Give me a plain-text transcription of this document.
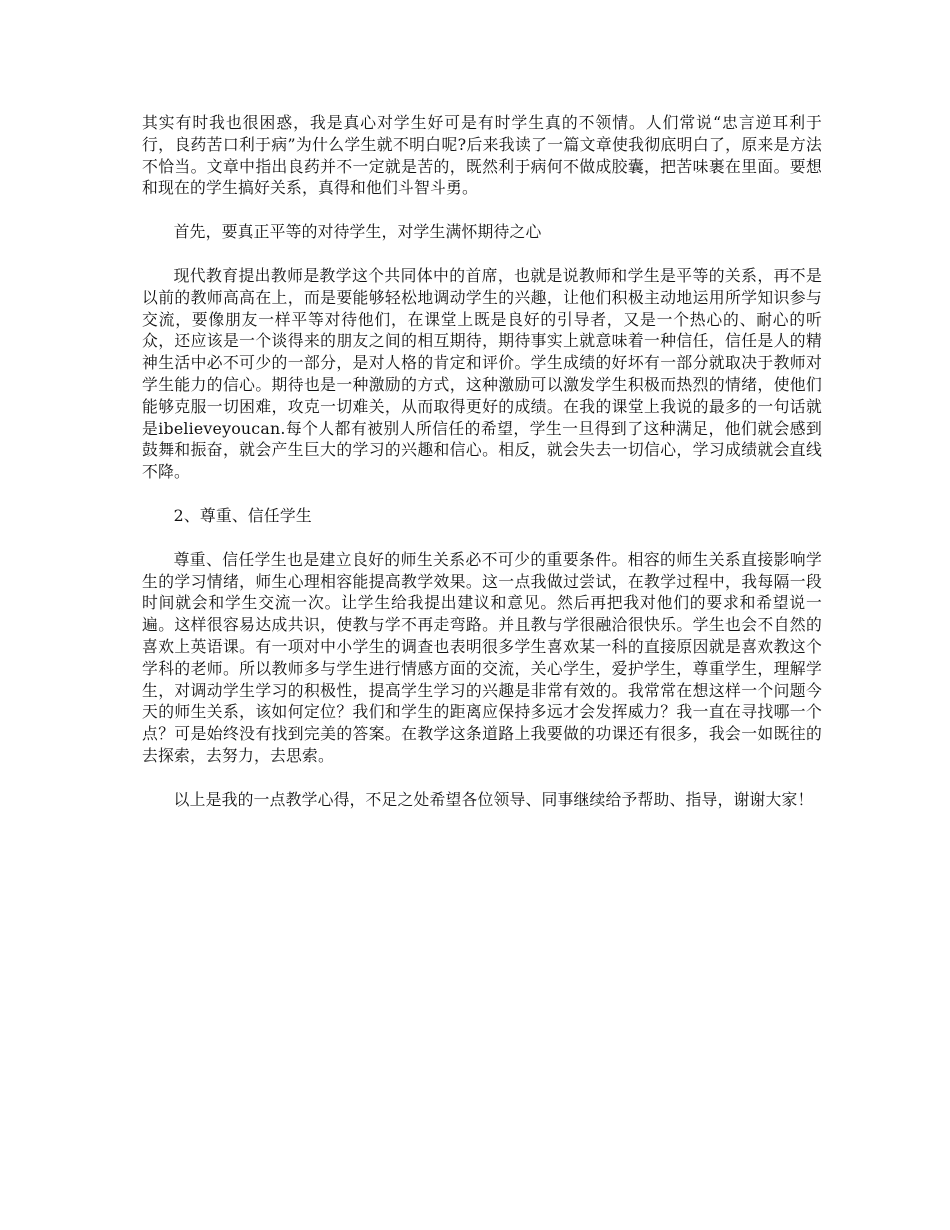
其实有时我也很困惑，我是真心对学生好可是有时学生真的不领情。人们常说“忠言逆耳利于行，良药苦口利于病”为什么学生就不明白呢?后来我读了一篇文章使我彻底明白了，原来是方法不恰当。文章中指出良药并不一定就是苦的，既然利于病何不做成胶囊，把苦味裹在里面。要想和现在的学生搞好关系，真得和他们斗智斗勇。

首先，要真正平等的对待学生，对学生满怀期待之心

现代教育提出教师是教学这个共同体中的首席，也就是说教师和学生是平等的关系，再不是以前的教师高高在上，而是要能够轻松地调动学生的兴趣，让他们积极主动地运用所学知识参与交流，要像朋友一样平等对待他们，在课堂上既是良好的引导者，又是一个热心的、耐心的听众，还应该是一个谈得来的朋友之间的相互期待，期待事实上就意味着一种信任，信任是人的精神生活中必不可少的一部分，是对人格的肯定和评价。学生成绩的好坏有一部分就取决于教师对学生能力的信心。期待也是一种激励的方式，这种激励可以激发学生积极而热烈的情绪，使他们能够克服一切困难，攻克一切难关，从而取得更好的成绩。在我的课堂上我说的最多的一句话就是ibelieveyoucan.每个人都有被别人所信任的希望，学生一旦得到了这种满足，他们就会感到鼓舞和振奋，就会产生巨大的学习的兴趣和信心。相反，就会失去一切信心，学习成绩就会直线不降。

2、尊重、信任学生

尊重、信任学生也是建立良好的师生关系必不可少的重要条件。相容的师生关系直接影响学生的学习情绪，师生心理相容能提高教学效果。这一点我做过尝试，在教学过程中，我每隔一段时间就会和学生交流一次。让学生给我提出建议和意见。然后再把我对他们的要求和希望说一遍。这样很容易达成共识，使教与学不再走弯路。并且教与学很融洽很快乐。学生也会不自然的喜欢上英语课。有一项对中小学生的调查也表明很多学生喜欢某一科的直接原因就是喜欢教这个学科的老师。所以教师多与学生进行情感方面的交流，关心学生，爱护学生，尊重学生，理解学生，对调动学生学习的积极性，提高学生学习的兴趣是非常有效的。我常常在想这样一个问题今天的师生关系，该如何定位？我们和学生的距离应保持多远才会发挥威力？我一直在寻找哪一个点？可是始终没有找到完美的答案。在教学这条道路上我要做的功课还有很多，我会一如既往的去探索，去努力，去思索。

以上是我的一点教学心得，不足之处希望各位领导、同事继续给予帮助、指导，谢谢大家！
